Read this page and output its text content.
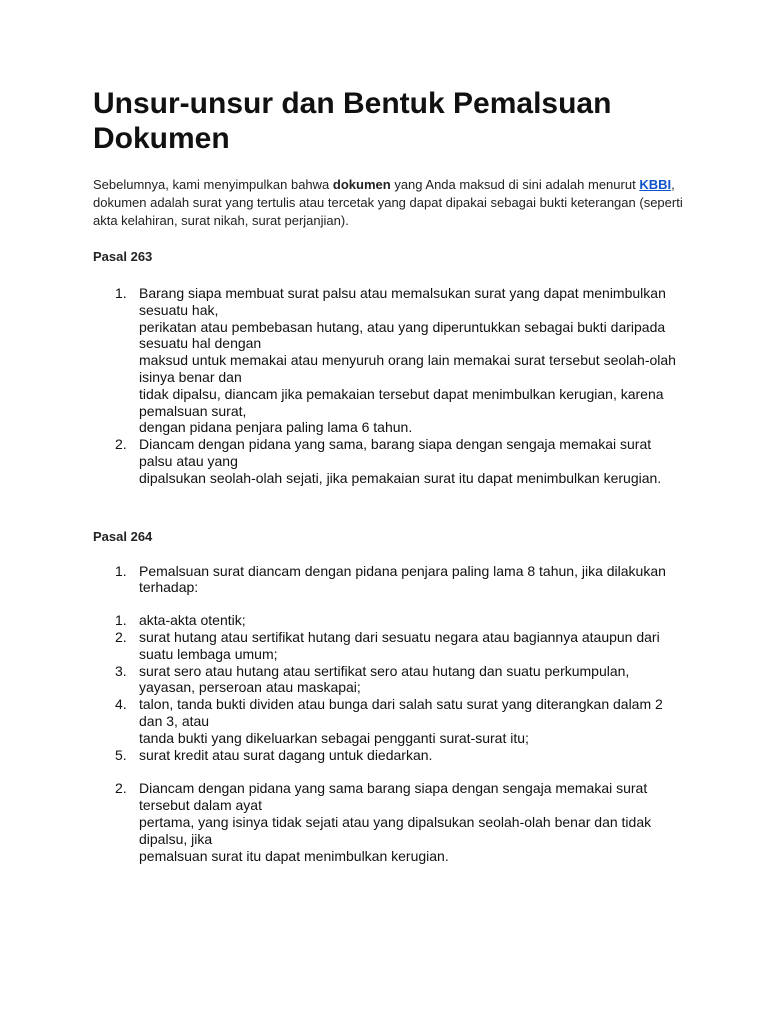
Unsur-unsur dan Bentuk Pemalsuan Dokumen

Sebelumnya, kami menyimpulkan bahwa dokumen yang Anda maksud di sini adalah menurut KBBI, dokumen adalah surat yang tertulis atau tercetak yang dapat dipakai sebagai bukti keterangan (seperti akta kelahiran, surat nikah, surat perjanjian).

Pasal 263
1. Barang siapa membuat surat palsu atau memalsukan surat yang dapat menimbulkan sesuatu hak,
perikatan atau pembebasan hutang, atau yang diperuntukkan sebagai bukti daripada sesuatu hal dengan
maksud untuk memakai atau menyuruh orang lain memakai surat tersebut seolah-olah isinya benar dan
tidak dipalsu, diancam jika pemakaian tersebut dapat menimbulkan kerugian, karena pemalsuan surat,
dengan pidana penjara paling lama 6 tahun.
2. Diancam dengan pidana yang sama, barang siapa dengan sengaja memakai surat palsu atau yang
dipalsukan seolah-olah sejati, jika pemakaian surat itu dapat menimbulkan kerugian.
Pasal 264
1. Pemalsuan surat diancam dengan pidana penjara paling lama 8 tahun, jika dilakukan terhadap:
1. akta-akta otentik;
2. surat hutang atau sertifikat hutang dari sesuatu negara atau bagiannya ataupun dari suatu lembaga umum;
3. surat sero atau hutang atau sertifikat sero atau hutang dan suatu perkumpulan, yayasan, perseroan atau maskapai;
4. talon, tanda bukti dividen atau bunga dari salah satu surat yang diterangkan dalam 2 dan 3, atau
tanda bukti yang dikeluarkan sebagai pengganti surat-surat itu;
5. surat kredit atau surat dagang untuk diedarkan.
2. Diancam dengan pidana yang sama barang siapa dengan sengaja memakai surat tersebut dalam ayat
pertama, yang isinya tidak sejati atau yang dipalsukan seolah-olah benar dan tidak dipalsu, jika
pemalsuan surat itu dapat menimbulkan kerugian.
